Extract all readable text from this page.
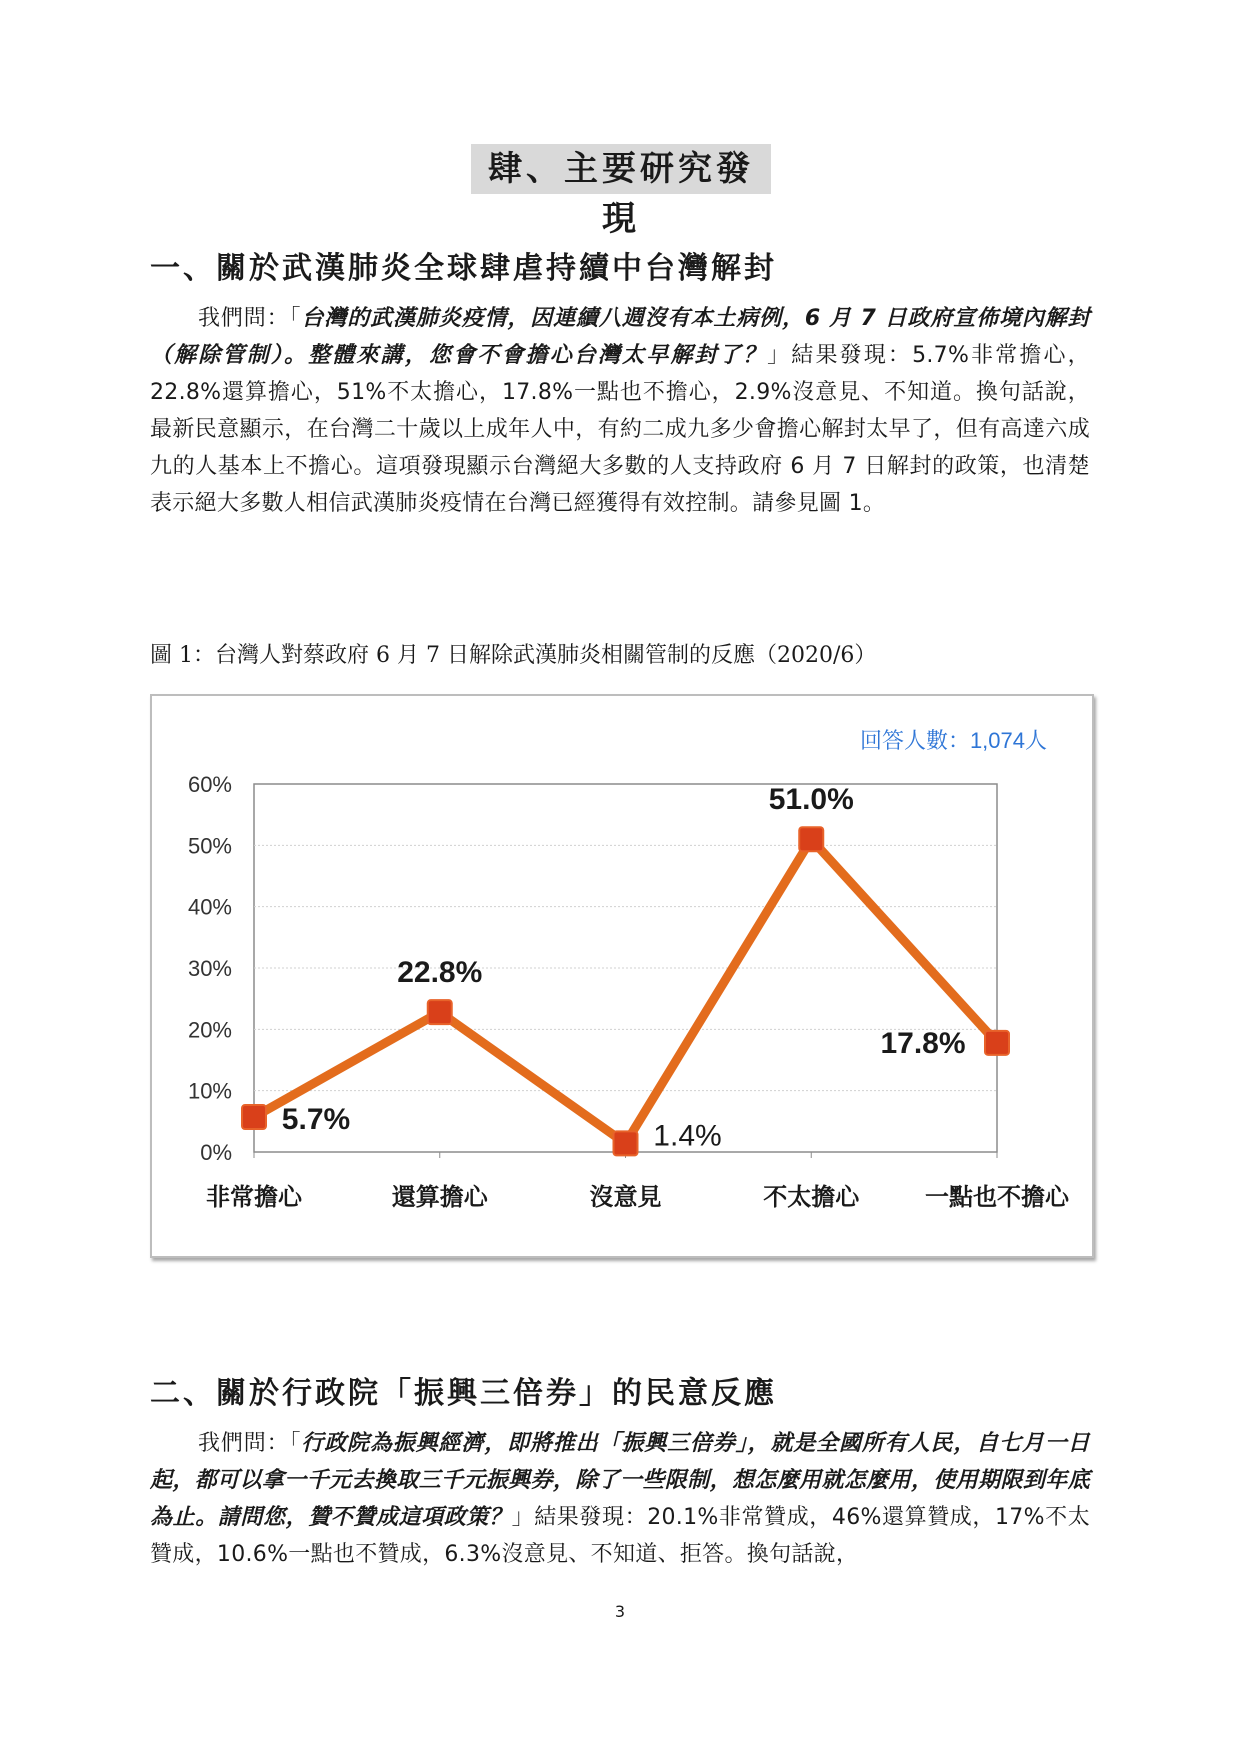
肆、主要研究發現
一、關於武漢肺炎全球肆虐持續中台灣解封

我們問：「台灣的武漢肺炎疫情，因連續八週沒有本土病例，6 月 7 日政府宣佈境內解封（解除管制）。整體來講，您會不會擔心台灣太早解封了？」結果發現：5.7%非常擔心，22.8%還算擔心，51%不太擔心，17.8%一點也不擔心，2.9%沒意見、不知道。換句話說，最新民意顯示，在台灣二十歲以上成年人中，有約二成九多少會擔心解封太早了，但有高達六成九的人基本上不擔心。這項發現顯示台灣絕大多數的人支持政府 6 月 7 日解封的政策，也清楚表示絕大多數人相信武漢肺炎疫情在台灣已經獲得有效控制。請參見圖 1。

圖 1：台灣人對蔡政府 6 月 7 日解除武漢肺炎相關管制的反應（2020/6）
0%
10%
20%
30%
40%
50%
60%
非常擔心	還算擔心	沒意見	不太擔心	一點也不擔心
5.7%
22.8%
1.4%
51.0%
17.8%
回答人數：1,074人

我們問：「行政院為振興經濟，即將推出「振興三倍券」，就是全國所有人民，自七月一日起，都可以拿一千元去換取三千元振興券，除了一些限制，想怎麼用就怎麼用，使用期限到年底為止。請問您，贊不贊成這項政策？」結果發現：20.1%非常贊成，46%還算贊成，17%不太贊成，10.6%一點也不贊成，6.3%沒意見、不知道、拒答。換句話說，

二、關於行政院「振興三倍券」的民意反應
3
